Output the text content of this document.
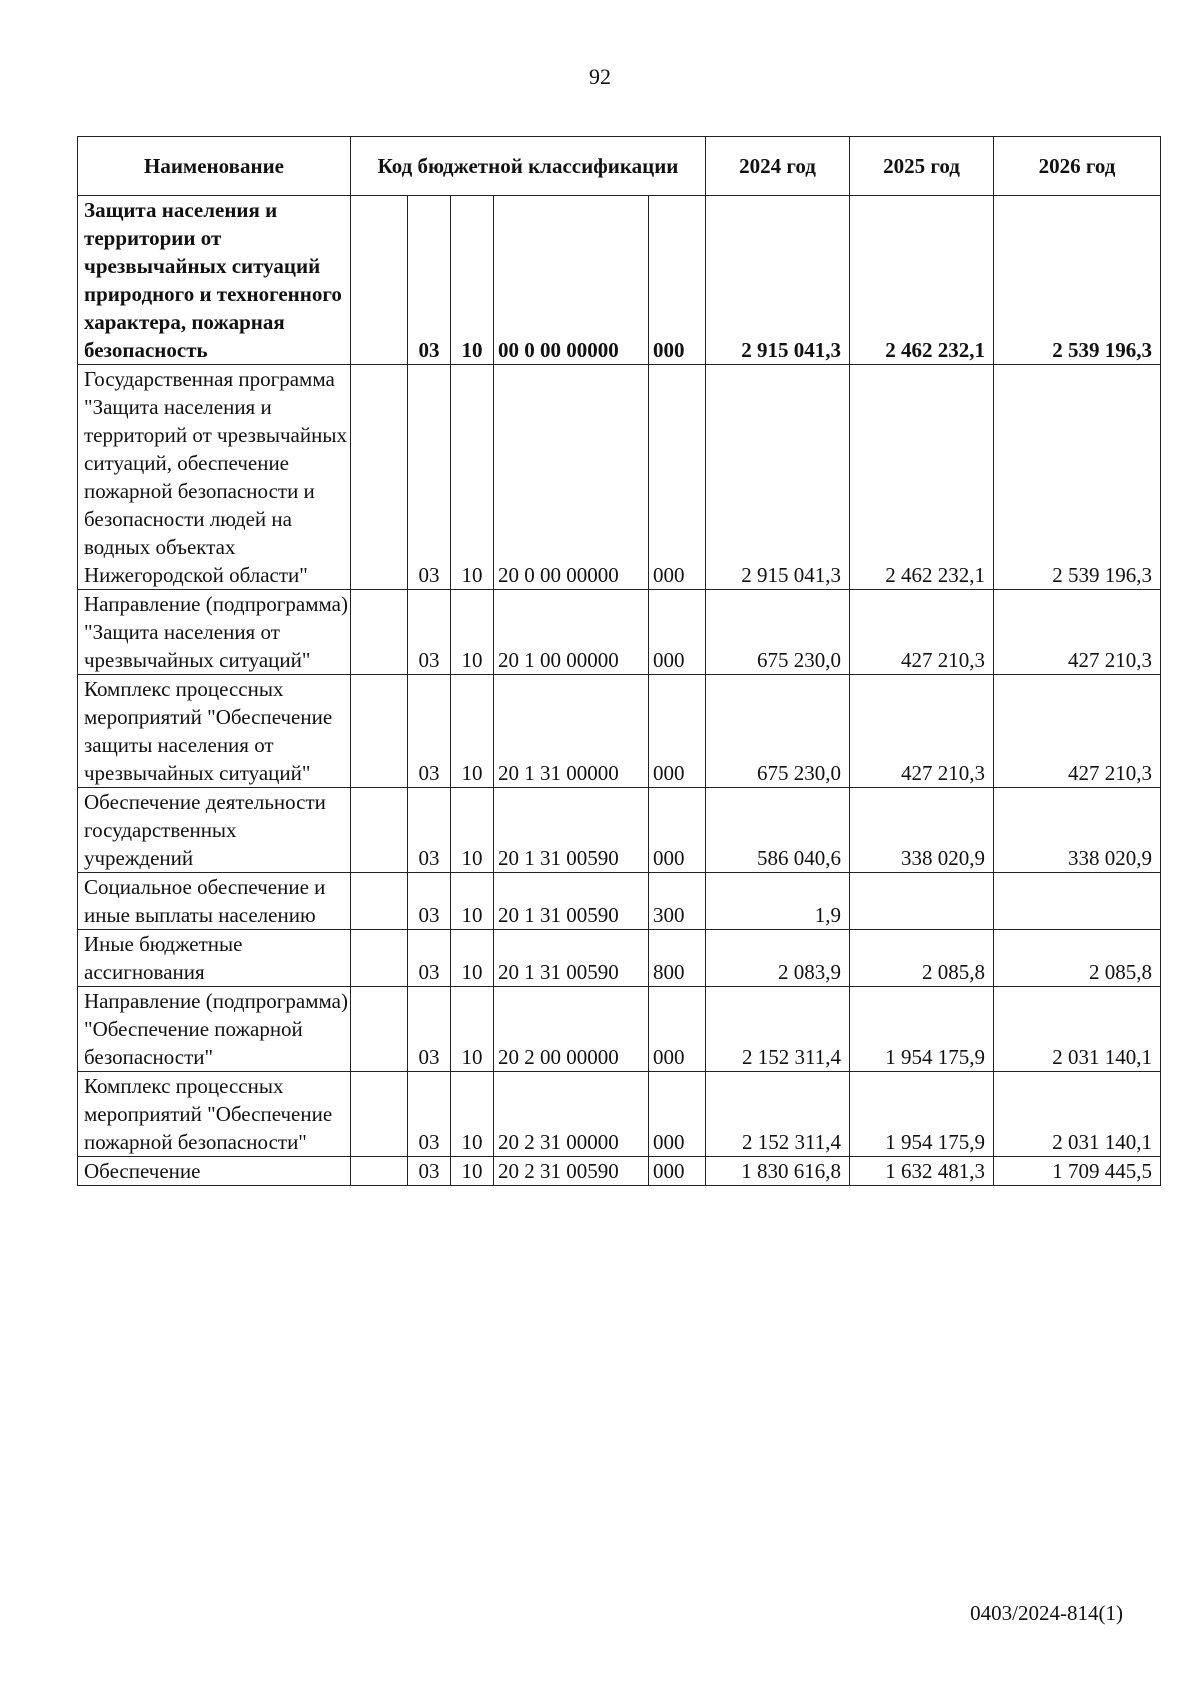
92
Наименование	Код бюджетной классификации					2024 год	2025 год	2026 год
Защита населения и территории от чрезвычайных ситуаций природного и техногенного характера, пожарная безопасность		03	10	00 0 00 00000	000	2 915 041,3	2 462 232,1	2 539 196,3
Государственная программа "Защита населения и территорий от чрезвычайных ситуаций, обеспечение пожарной безопасности и безопасности людей на водных объектах Нижегородской области"		03	10	20 0 00 00000	000	2 915 041,3	2 462 232,1	2 539 196,3
Направление (подпрограмма) "Защита населения от чрезвычайных ситуаций"		03	10	20 1 00 00000	000	675 230,0	427 210,3	427 210,3
Комплекс процессных мероприятий "Обеспечение защиты населения от чрезвычайных ситуаций"		03	10	20 1 31 00000	000	675 230,0	427 210,3	427 210,3
Обеспечение деятельности государственных учреждений		03	10	20 1 31 00590	000	586 040,6	338 020,9	338 020,9
Социальное обеспечение и иные выплаты населению		03	10	20 1 31 00590	300	1,9		
Иные бюджетные ассигнования		03	10	20 1 31 00590	800	2 083,9	2 085,8	2 085,8
Направление (подпрограмма) "Обеспечение пожарной безопасности"		03	10	20 2 00 00000	000	2 152 311,4	1 954 175,9	2 031 140,1
Комплекс процессных мероприятий "Обеспечение пожарной безопасности"		03	10	20 2 31 00000	000	2 152 311,4	1 954 175,9	2 031 140,1
Обеспечение		03	10	20 2 31 00590	000	1 830 616,8	1 632 481,3	1 709 445,5
0403/2024-814(1)
